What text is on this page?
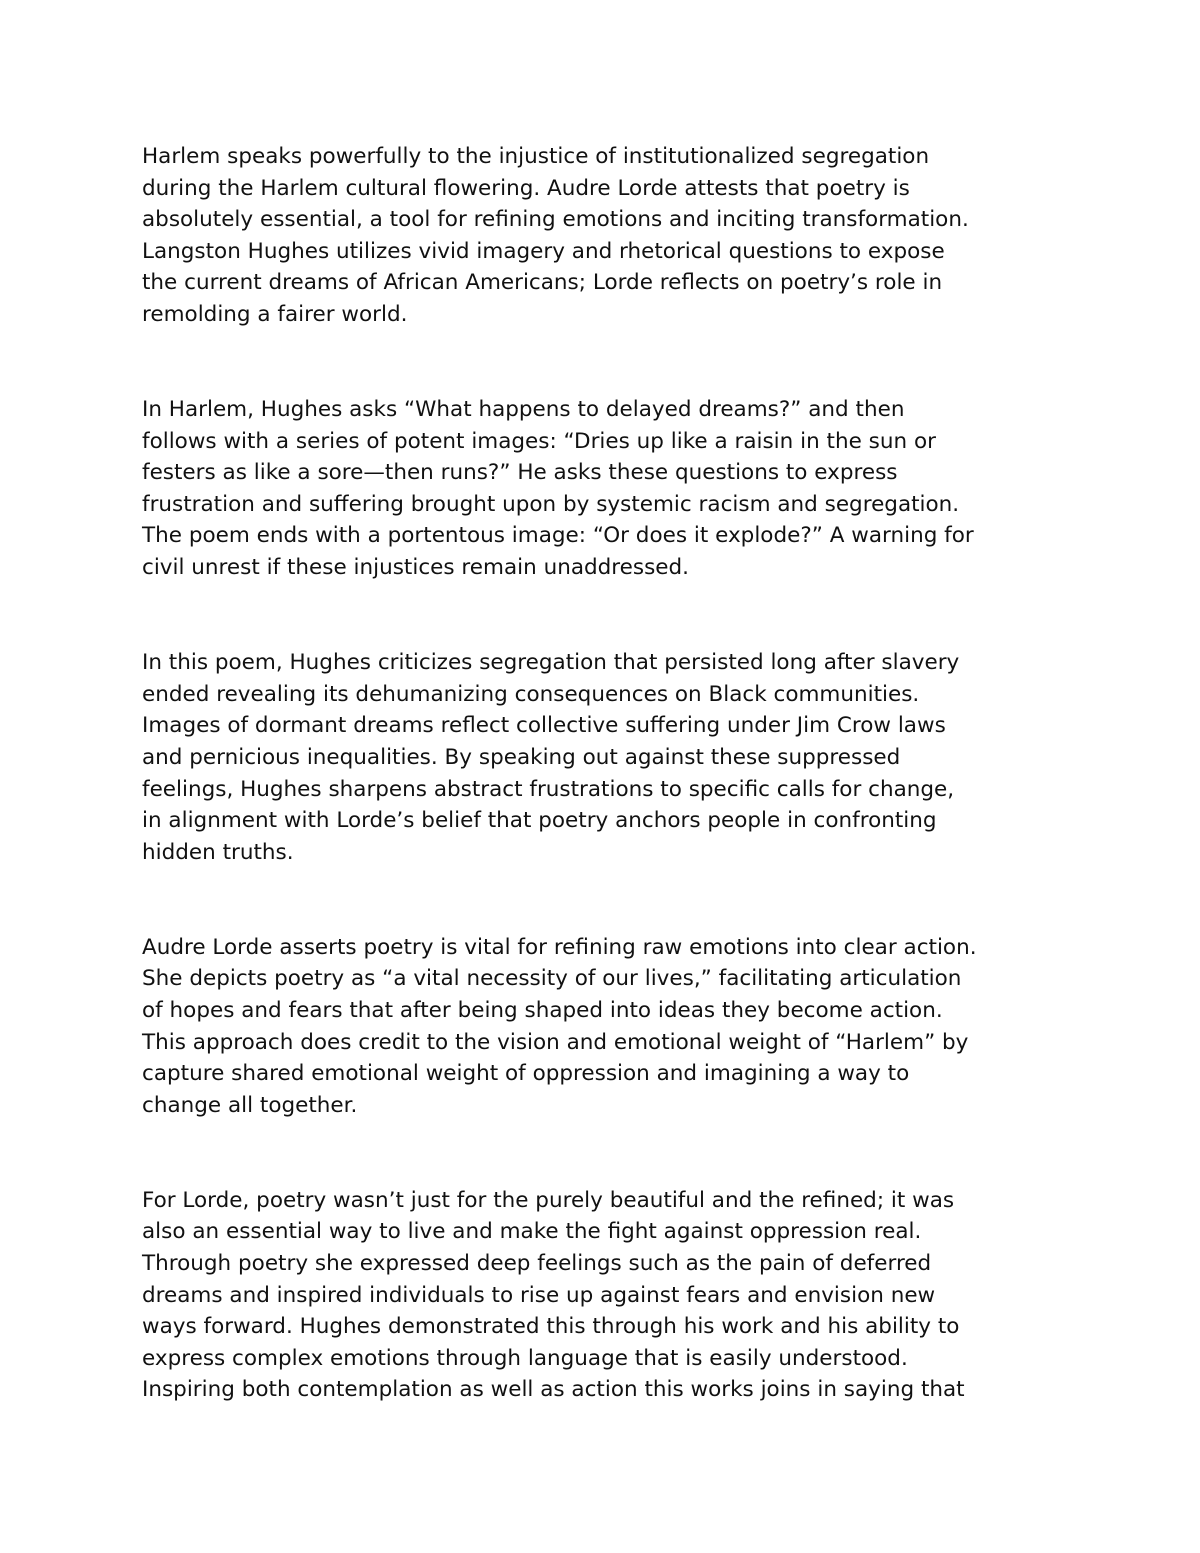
Harlem speaks powerfully to the injustice of institutionalized segregation
during the Harlem cultural flowering. Audre Lorde attests that poetry is
absolutely essential, a tool for refining emotions and inciting transformation.
Langston Hughes utilizes vivid imagery and rhetorical questions to expose
the current dreams of African Americans; Lorde reflects on poetry’s role in
remolding a fairer world.
In Harlem, Hughes asks “What happens to delayed dreams?” and then
follows with a series of potent images: “Dries up like a raisin in the sun or
festers as like a sore—then runs?” He asks these questions to express
frustration and suffering brought upon by systemic racism and segregation.
The poem ends with a portentous image: “Or does it explode?” A warning for
civil unrest if these injustices remain unaddressed.
In this poem, Hughes criticizes segregation that persisted long after slavery
ended revealing its dehumanizing consequences on Black communities.
Images of dormant dreams reflect collective suffering under Jim Crow laws
and pernicious inequalities. By speaking out against these suppressed
feelings, Hughes sharpens abstract frustrations to specific calls for change,
in alignment with Lorde’s belief that poetry anchors people in confronting
hidden truths.
Audre Lorde asserts poetry is vital for refining raw emotions into clear action.
She depicts poetry as “a vital necessity of our lives,” facilitating articulation
of hopes and fears that after being shaped into ideas they become action.
This approach does credit to the vision and emotional weight of “Harlem” by
capture shared emotional weight of oppression and imagining a way to
change all together.
For Lorde, poetry wasn’t just for the purely beautiful and the refined; it was
also an essential way to live and make the fight against oppression real.
Through poetry she expressed deep feelings such as the pain of deferred
dreams and inspired individuals to rise up against fears and envision new
ways forward. Hughes demonstrated this through his work and his ability to
express complex emotions through language that is easily understood.
Inspiring both contemplation as well as action this works joins in saying that
